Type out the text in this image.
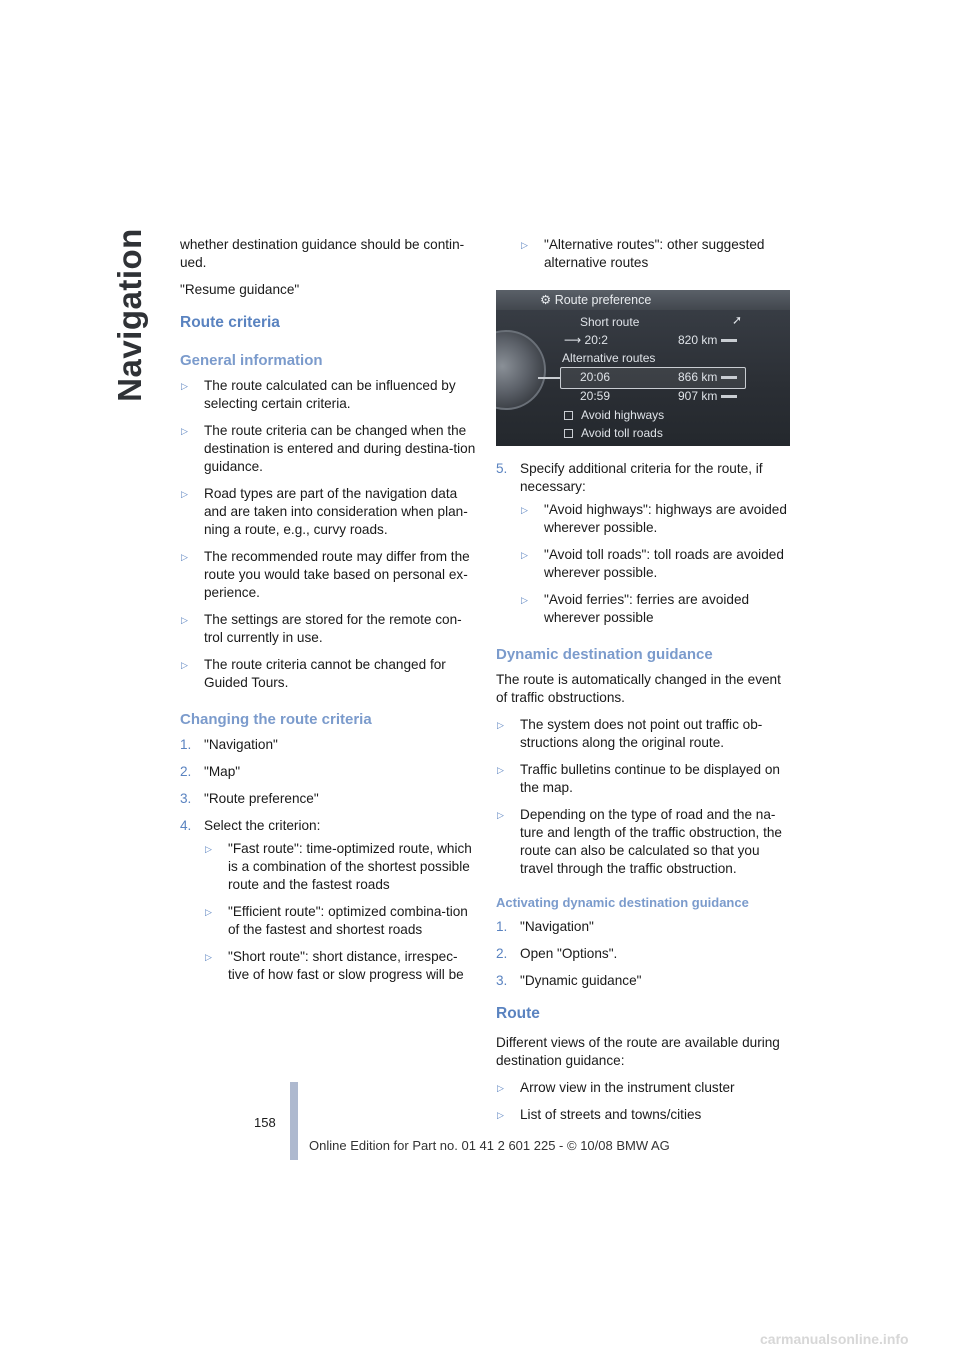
Navigation whether destination guidance should be contin-ued.

"Resume guidance"

Route criteria
General information
▷ The route calculated can be influenced by selecting certain criteria.
▷ The route criteria can be changed when the destination is entered and during destina-tion guidance.
▷ Road types are part of the navigation data and are taken into consideration when plan-ning a route, e.g., curvy roads.
▷ The recommended route may differ from the route you would take based on personal ex-perience.
▷ The settings are stored for the remote con-trol currently in use.
▷ The route criteria cannot be changed for Guided Tours.
Changing the route criteria
1. "Navigation"
2. "Map"
3. "Route preference"
4. Select the criterion:
▷ "Fast route": time-optimized route, which is a combination of the shortest possible route and the fastest roads
▷ "Efficient route": optimized combina-tion of the fastest and shortest roads
▷ "Short route": short distance, irrespec-tive of how fast or slow progress will be
▷ "Alternative routes": other suggested alternative routes
⚙ Route preference
Short route	➚
⟶ 20:2	820 km
Alternative routes
20:06	866 km
20:59	907 km
Avoid highways
Avoid toll roads
5. Specify additional criteria for the route, if necessary:
▷ "Avoid highways": highways are avoided wherever possible.
▷ "Avoid toll roads": toll roads are avoided wherever possible.
▷ "Avoid ferries": ferries are avoided wherever possible
Dynamic destination guidance

The route is automatically changed in the event of traffic obstructions.

▷ The system does not point out traffic ob-structions along the original route.
▷ Traffic bulletins continue to be displayed on the map.
▷ Depending on the type of road and the na-ture and length of the traffic obstruction, the route can also be calculated so that you travel through the traffic obstruction.
Activating dynamic destination guidance
1. "Navigation"
2. Open "Options".
3. "Dynamic guidance"
Route

Different views of the route are available during destination guidance:

▷ Arrow view in the instrument cluster
▷ List of streets and towns/cities
158
Online Edition for Part no. 01 41 2 601 225 - © 10/08 BMW AG
carmanualsonline.info
